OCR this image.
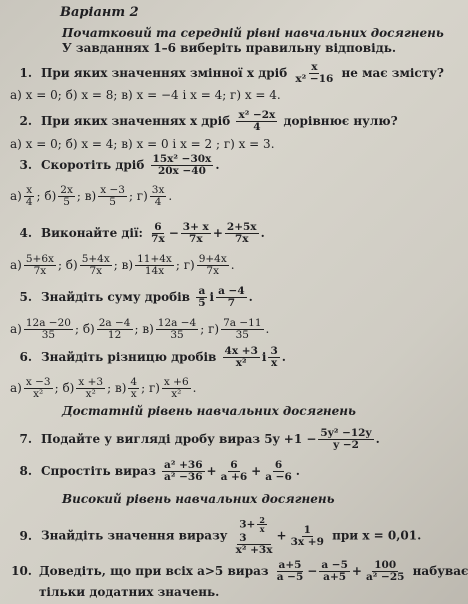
Варіант 2
Початковий та середній рівні навчальних досягнень
У завданнях 1–6 виберіть правильну відповідь.
1. При яких значеннях змінної x дріб $\frac{x}{\text{x² −16}}$ не має змісту?
а) x = 0; б) x = 8; в) x = −4 і x = 4; г) x = 4.
2. При яких значеннях x дріб $\frac{\text{x² −2x}}{4}$ дорівнює нулю?
а) x = 0; б) x = 4; в) x = 0 і x = 2 ; г) x = 3.
3. Скоротіть дріб $\frac{\text{15x² −30x}}{20x -40}$ .
$а) \frac{x}{4}$ ; $б) \frac{2x}{5}$ ; $в) \frac{x -3}{5}$ ; $г) \frac{3x}{4}$ .
4. Виконайте дії: $\frac{6}{7x} - \frac{3+ x}{7x} + \frac{2+5x}{7x}$ .
$а) \frac{5+6x}{7x}$ ; $б) \frac{5+4x}{7x}$ ; $в) \frac{11+4x}{14x}$ ; $г) \frac{9+4x}{7x}$ .
5. Знайдіть суму дробів $\frac{a}{5}$ і $\frac{a -4}{7}$ .
$а) \frac{12a -20}{35}$ ; $б) \frac{2a -4}{12}$ ; $в) \frac{12a -4}{35}$ ; $г) \frac{7a -11}{35}$ .
6. Знайдіть різницю дробів $\frac{4x +3}{\text{x²}}$ і $\frac{3}{x}$ .
$а) \frac{x -3}{\text{x²}}$ ; $б) \frac{x +3}{\text{x²}}$ ; $в) \frac{4}{x}$ ; $г) \frac{x +6}{\text{x²}}$ .
Достатній рівень навчальних досягнень
7. Подайте у вигляді дробу вираз $5y +1 - \frac{\text{5y² −12y}}{y -2}$ .
8. Спростіть вираз $\frac{\text{a² +36}}{\text{a² −36}} + \frac{6}{a +6} + \frac{6}{a -6}$ .
Високий рівень навчальних досягнень
9. Знайдіть значення виразу
$3+ \frac{2}{x}$

3
x² +3x
+ $\frac{1}{3x +9}$ при x = 0,01.
10. Доведіть, що при всіх a>5 вираз $\frac{a+5}{a -5} - \frac{a -5}{a+5} + \frac{100}{\text{a² −25}}$ набуває
тільки додатних значень.
